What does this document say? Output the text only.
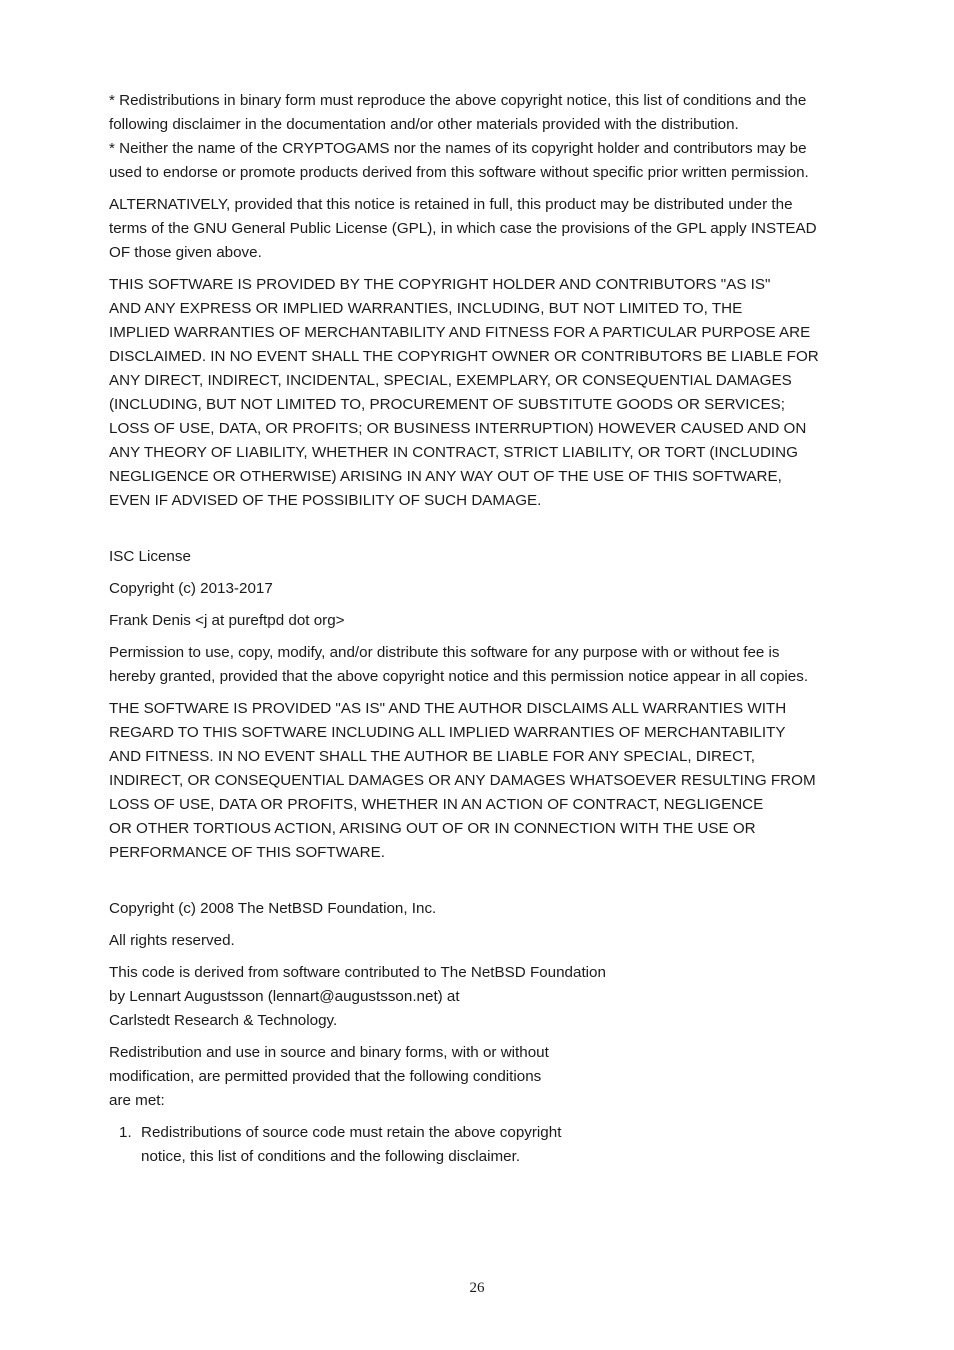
* Redistributions in binary form must reproduce the above copyright notice, this list of conditions and the
following disclaimer in the documentation and/or other materials provided with the distribution.
* Neither the name of the CRYPTOGAMS nor the names of its copyright holder and contributors may be
used to endorse or promote products derived from this software without specific prior written permission.
ALTERNATIVELY, provided that this notice is retained in full, this product may be distributed under the
terms of the GNU General Public License (GPL), in which case the provisions of the GPL apply INSTEAD
OF those given above.
THIS SOFTWARE IS PROVIDED BY THE COPYRIGHT HOLDER AND CONTRIBUTORS "AS IS"
AND ANY EXPRESS OR IMPLIED WARRANTIES, INCLUDING, BUT NOT LIMITED TO, THE
IMPLIED WARRANTIES OF MERCHANTABILITY AND FITNESS FOR A PARTICULAR PURPOSE ARE
DISCLAIMED. IN NO EVENT SHALL THE COPYRIGHT OWNER OR CONTRIBUTORS BE LIABLE FOR
ANY DIRECT, INDIRECT, INCIDENTAL, SPECIAL, EXEMPLARY, OR CONSEQUENTIAL DAMAGES
(INCLUDING, BUT NOT LIMITED TO, PROCUREMENT OF SUBSTITUTE GOODS OR SERVICES;
LOSS OF USE, DATA, OR PROFITS; OR BUSINESS INTERRUPTION) HOWEVER CAUSED AND ON
ANY THEORY OF LIABILITY, WHETHER IN CONTRACT, STRICT LIABILITY, OR TORT (INCLUDING
NEGLIGENCE OR OTHERWISE) ARISING IN ANY WAY OUT OF THE USE OF THIS SOFTWARE,
EVEN IF ADVISED OF THE POSSIBILITY OF SUCH DAMAGE.
ISC License
Copyright (c) 2013-2017
Frank Denis <j at pureftpd dot org>
Permission to use, copy, modify, and/or distribute this software for any purpose with or without fee is
hereby granted, provided that the above copyright notice and this permission notice appear in all copies.
THE SOFTWARE IS PROVIDED "AS IS" AND THE AUTHOR DISCLAIMS ALL WARRANTIES WITH
REGARD TO THIS SOFTWARE INCLUDING ALL IMPLIED WARRANTIES OF MERCHANTABILITY
AND FITNESS. IN NO EVENT SHALL THE AUTHOR BE LIABLE FOR ANY SPECIAL, DIRECT,
INDIRECT, OR CONSEQUENTIAL DAMAGES OR ANY DAMAGES WHATSOEVER RESULTING FROM
LOSS OF USE, DATA OR PROFITS, WHETHER IN AN ACTION OF CONTRACT, NEGLIGENCE
OR OTHER TORTIOUS ACTION, ARISING OUT OF OR IN CONNECTION WITH THE USE OR
PERFORMANCE OF THIS SOFTWARE.
Copyright (c) 2008 The NetBSD Foundation, Inc.
All rights reserved.
This code is derived from software contributed to The NetBSD Foundation
by Lennart Augustsson (lennart@augustsson.net) at
Carlstedt Research & Technology.
Redistribution and use in source and binary forms, with or without
modification, are permitted provided that the following conditions
are met:
1. Redistributions of source code must retain the above copyright
notice, this list of conditions and the following disclaimer.
26
